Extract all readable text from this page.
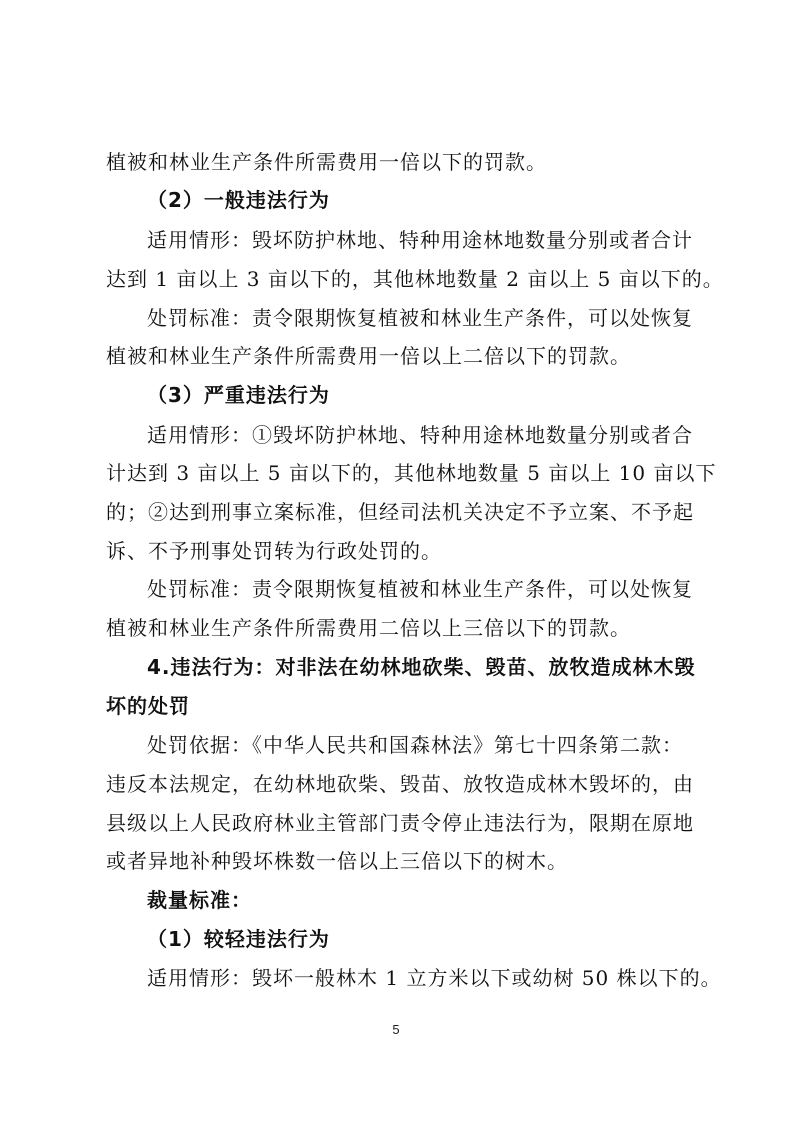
植被和林业生产条件所需费用一倍以下的罚款。
（2）一般违法行为
适用情形：毁坏防护林地、特种用途林地数量分别或者合计
达到 1 亩以上 3 亩以下的，其他林地数量 2 亩以上 5 亩以下的。
处罚标准：责令限期恢复植被和林业生产条件，可以处恢复
植被和林业生产条件所需费用一倍以上二倍以下的罚款。
（3）严重违法行为
适用情形：①毁坏防护林地、特种用途林地数量分别或者合
计达到 3 亩以上 5 亩以下的，其他林地数量 5 亩以上 10 亩以下
的；②达到刑事立案标准，但经司法机关决定不予立案、不予起
诉、不予刑事处罚转为行政处罚的。
处罚标准：责令限期恢复植被和林业生产条件，可以处恢复
植被和林业生产条件所需费用二倍以上三倍以下的罚款。
4.违法行为：对非法在幼林地砍柴、毁苗、放牧造成林木毁
坏的处罚
处罚依据：《中华人民共和国森林法》第七十四条第二款：
违反本法规定，在幼林地砍柴、毁苗、放牧造成林木毁坏的，由
县级以上人民政府林业主管部门责令停止违法行为，限期在原地
或者异地补种毁坏株数一倍以上三倍以下的树木。
裁量标准：
（1）较轻违法行为
适用情形：毁坏一般林木 1 立方米以下或幼树 50 株以下的。
5
